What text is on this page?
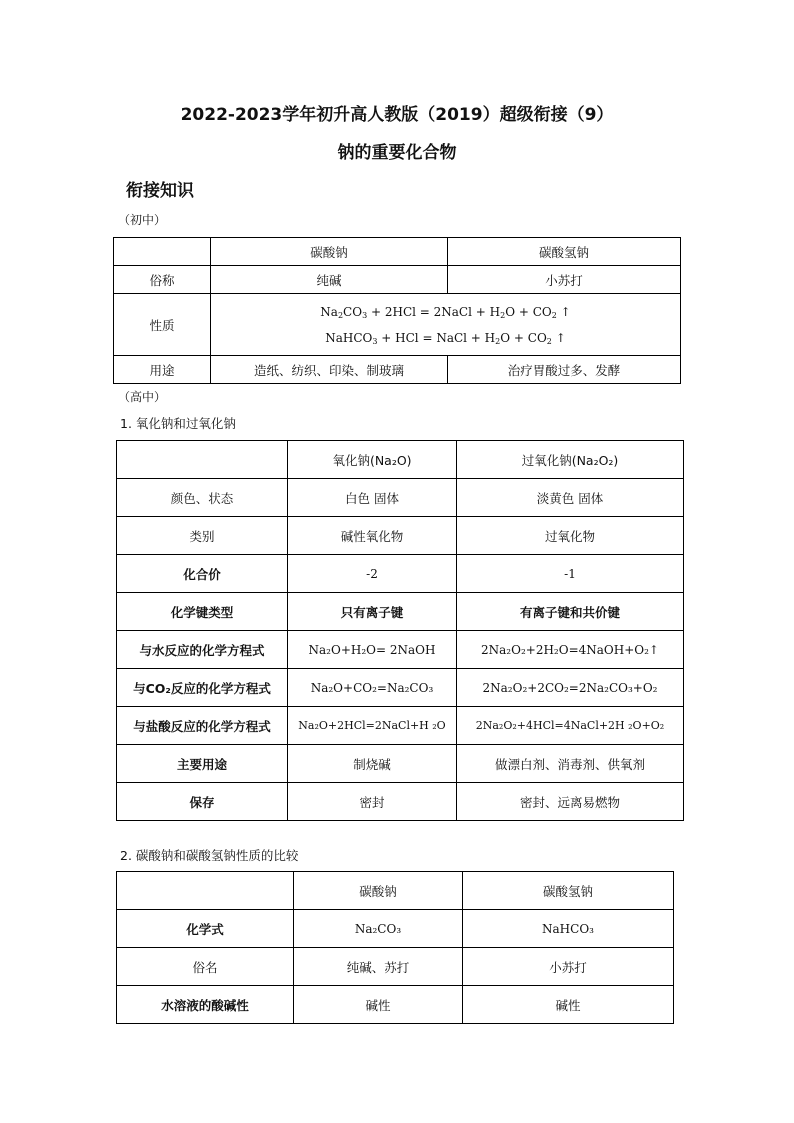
2022-2023学年初升高人教版（2019）超级衔接（9）
钠的重要化合物
衔接知识
（初中）
	碳酸钠	碳酸氢钠
俗称	纯碱	小苏打
性质	$Na_2CO_3 + 2HCl$ = 2NaCl + $H_2O + CO_2$ ↑
NaHCO$_3$ + HCl = NaCl + $H_2O + CO_2$ ↑	

用途	造纸、纺织、印染、制玻璃	治疗胃酸过多、发酵
（高中）
1. 氧化钠和过氧化钠
	氧化钠(Na₂O)	过氧化钠(Na₂O₂)
颜色、状态	白色 固体	淡黄色 固体
类别	碱性氧化物	过氧化物
化合价	-2	-1
化学键类型	只有离子键	有离子键和共价键
与水反应的化学方程式	Na₂O+H₂O= 2NaOH	2Na₂O₂+2H₂O=4NaOH+O₂↑
与CO₂反应的化学方程式	Na₂O+CO₂=Na₂CO₃	2Na₂O₂+2CO₂=2Na₂CO₃+O₂
与盐酸反应的化学方程式	Na₂O+2HCl=2NaCl+H ₂O	2Na₂O₂+4HCl=4NaCl+2H ₂O+O₂
主要用途	制烧碱	做漂白剂、消毒剂、供氧剂
保存	密封	密封、远离易燃物
2. 碳酸钠和碳酸氢钠性质的比较
	碳酸钠	碳酸氢钠
化学式	Na₂CO₃	NaHCO₃
俗名	纯碱、苏打	小苏打
水溶液的酸碱性	碱性	碱性
